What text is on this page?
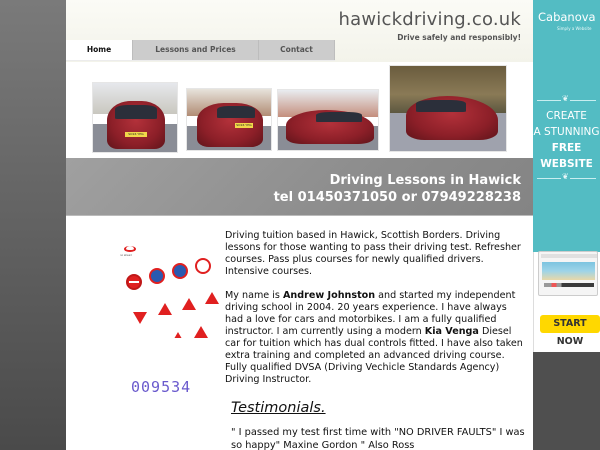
hawickdriving.co.uk
Drive safely and responsibly!
Home	Lessons and Prices	Contact
SO16 YHG
SO16 YHG
Driving Lessons in Hawick
tel 01450371050 or 07949228238
no ahead
009534

Driving tuition based in Hawick, Scottish Borders. Driving lessons for those wanting to pass their driving test. Refresher courses. Pass plus courses for newly qualified drivers. Intensive courses.

My name is Andrew Johnston and started my independent driving school in 2004. 20 years experience. I have always had a love for cars and motorbikes. I am a fully qualified instructor. I am currently using a modern Kia Venga Diesel car for tuition which has dual controls fitted. I have also taken extra training and completed an advanced driving course. Fully qualified DVSA (Driving Vechicle Standards Agency) Driving Instructor.

Testimonials.

" I passed my test first time with "NO DRIVER FAULTS" I was so happy" Maxine Gordon " Also Ross

Cabanova
Simply a Website
❦
CREATE
A STUNNING
FREE
WEBSITE
❦
START NOW
